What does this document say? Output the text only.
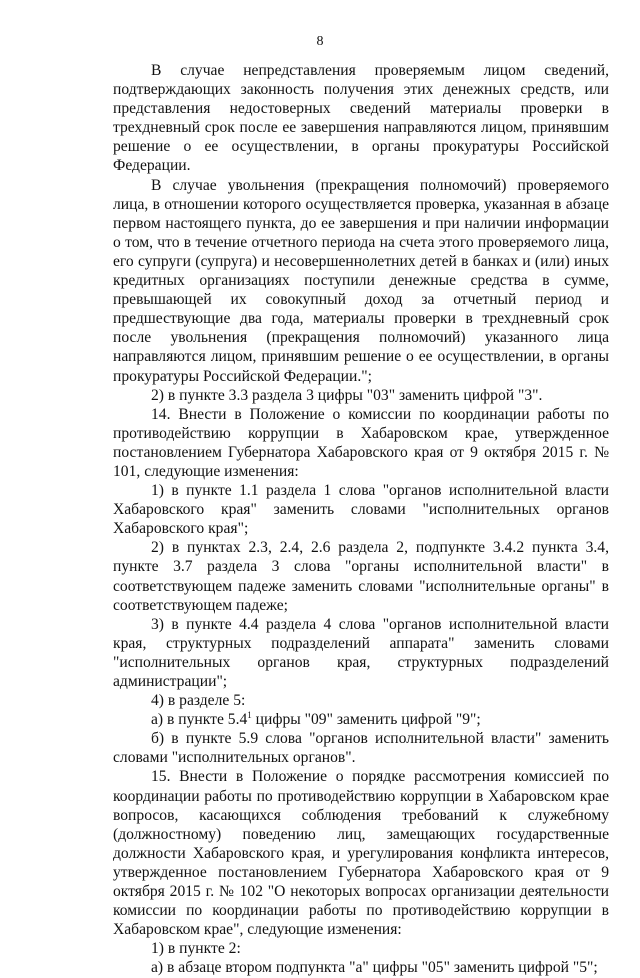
8

В случае непредставления проверяемым лицом сведений, подтверждающих законность получения этих денежных средств, или представления недостоверных сведений материалы проверки в трехдневный срок после ее завершения направляются лицом, принявшим решение о ее осуществлении, в органы прокуратуры Российской Федерации.

В случае увольнения (прекращения полномочий) проверяемого лица, в отношении которого осуществляется проверка, указанная в абзаце первом настоящего пункта, до ее завершения и при наличии информации о том, что в течение отчетного периода на счета этого проверяемого лица, его супруги (супруга) и несовершеннолетних детей в банках и (или) иных кредитных организациях поступили денежные средства в сумме, превышающей их совокупный доход за отчетный период и предшествующие два года, материалы проверки в трехдневный срок после увольнения (прекращения полномочий) указанного лица направляются лицом, принявшим решение о ее осуществлении, в органы прокуратуры Российской Федерации.";

2) в пункте 3.3 раздела 3 цифры "03" заменить цифрой "3".

14. Внести в Положение о комиссии по координации работы по противодействию коррупции в Хабаровском крае, утвержденное постановлением Губернатора Хабаровского края от 9 октября 2015 г. № 101, следующие изменения:

1) в пункте 1.1 раздела 1 слова "органов исполнительной власти Хабаровского края" заменить словами "исполнительных органов Хабаровского края";

2) в пунктах 2.3, 2.4, 2.6 раздела 2, подпункте 3.4.2 пункта 3.4, пункте 3.7 раздела 3 слова "органы исполнительной власти" в соответствующем падеже заменить словами "исполнительные органы" в соответствующем падеже;

3) в пункте 4.4 раздела 4 слова "органов исполнительной власти края, структурных подразделений аппарата" заменить словами "исполнительных органов края, структурных подразделений администрации";

4) в разделе 5:

а) в пункте $5.4^1$ цифры "09" заменить цифрой "9";

б) в пункте 5.9 слова "органов исполнительной власти" заменить словами "исполнительных органов".

15. Внести в Положение о порядке рассмотрения комиссией по координации работы по противодействию коррупции в Хабаровском крае вопросов, касающихся соблюдения требований к служебному (должностному) поведению лиц, замещающих государственные должности Хабаровского края, и урегулирования конфликта интересов, утвержденное постановлением Губернатора Хабаровского края от 9 октября 2015 г. № 102 "О некоторых вопросах организации деятельности комиссии по координации работы по противодействию коррупции в Хабаровском крае", следующие изменения:

1) в пункте 2:

а) в абзаце втором подпункта "а" цифры "05" заменить цифрой "5";
